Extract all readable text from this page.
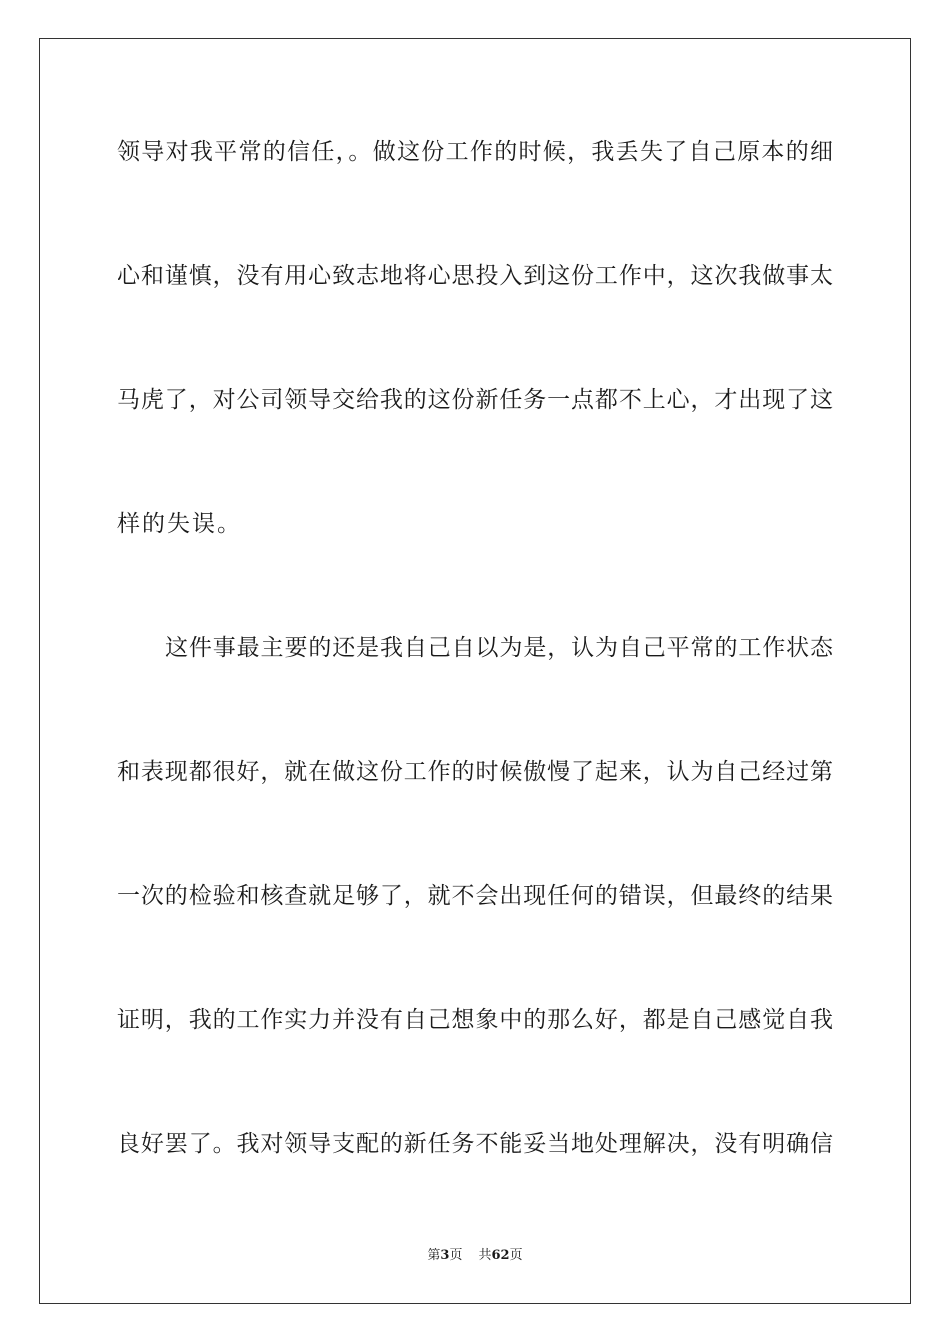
领导对我平常的信任，。做这份工作的时候，我丢失了自己原本的细

心和谨慎，没有用心致志地将心思投入到这份工作中，这次我做事太

马虎了，对公司领导交给我的这份新任务一点都不上心，才出现了这

样的失误。

这件事最主要的还是我自己自以为是，认为自己平常的工作状态

和表现都很好，就在做这份工作的时候傲慢了起来，认为自己经过第

一次的检验和核查就足够了，就不会出现任何的错误，但最终的结果

证明，我的工作实力并没有自己想象中的那么好，都是自己感觉自我

良好罢了。我对领导支配的新任务不能妥当地处理解决，没有明确信

第3页 共62页
